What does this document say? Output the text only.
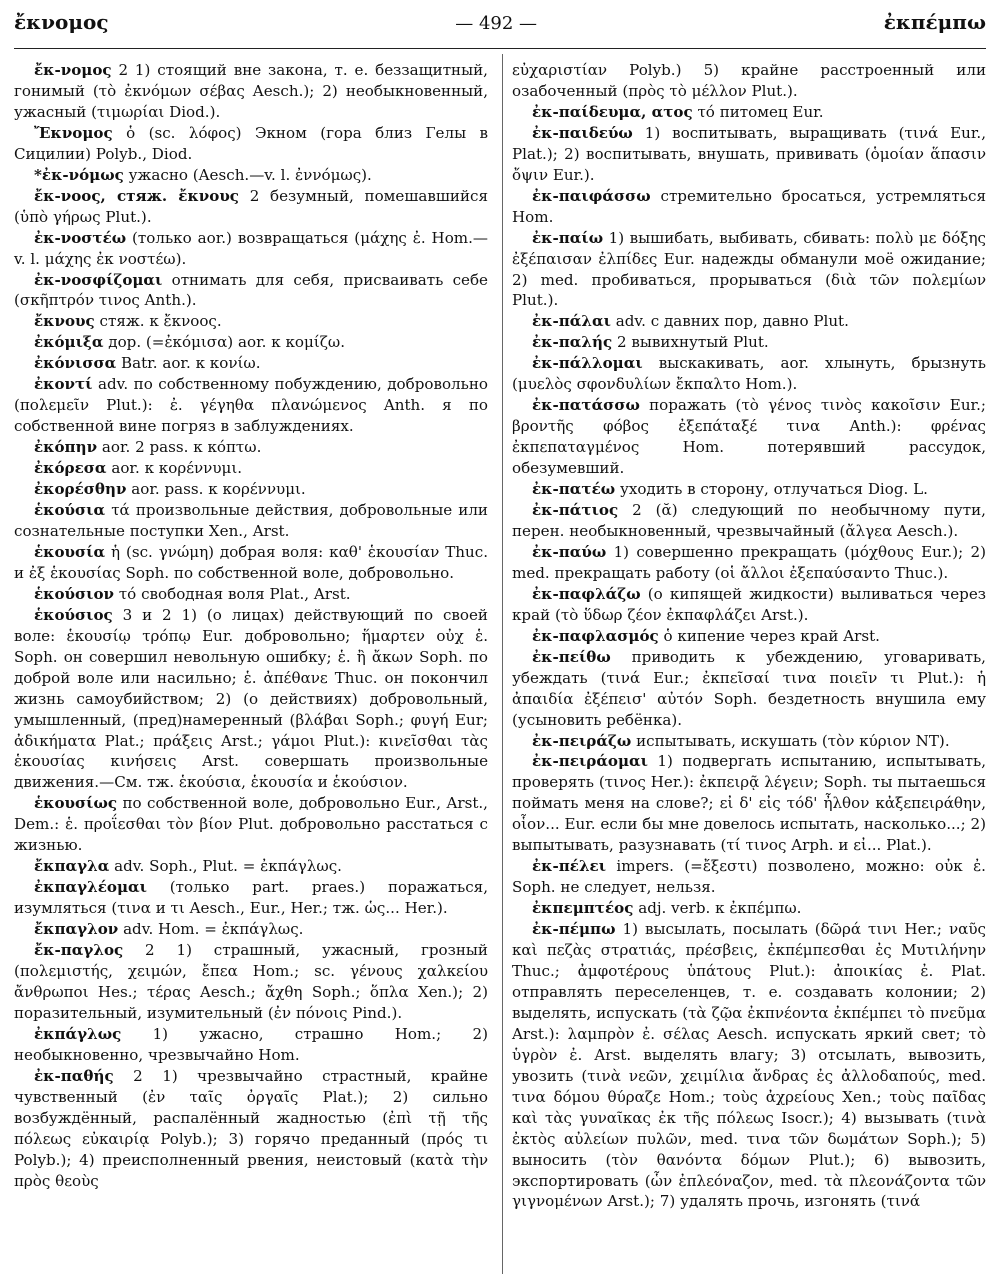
ἔκνομος	— 492 —	ἐκπέμπω

ἔκ-νομος 2 1) стоящий вне закона, т. е. беззащитный, гонимый (τὸ ἐκνόμων σέβας Aesch.); 2) необыкновенный, ужасный (τιμωρίαι Diod.).

Ἔκνομος ὁ (sc. λόφος) Экном (гора близ Гелы в Сицилии) Polyb., Diod.

*ἐκ-νόμως ужасно (Aesch.—v. l. ἐννόμως).

ἔκ-νοος, стяж. ἔκνους 2 безумный, помешавшийся (ὑπὸ γήρως Plut.).

ἐκ-νοστέω (только aor.) возвращаться (μάχης ἐ. Hom.—v. l. μάχης ἐκ νοστέω).

ἐκ-νοσφίζομαι отнимать для себя, присваивать себе (σκῆπτρόν τινος Anth.).

ἔκνους стяж. к ἔκνοος.

ἐκόμιξα дор. (=ἐκόμισα) aor. к κομίζω.

ἐκόνισσα Batr. aor. к κονίω.

ἐκοντί adv. по собственному побуждению, добровольно (πολεμεῖν Plut.): ἐ. γέγηθα πλανώμενος Anth. я по собственной вине погряз в заблуждениях.

ἐκόπην aor. 2 pass. к κόπτω.

ἐκόρεσα aor. к κορέννυμι.

ἐκορέσθην aor. pass. к κορέννυμι.

ἑκούσια τά произвольные действия, добровольные или сознательные поступки Xen., Arst.

ἑκουσία ἡ (sc. γνώμη) добрая воля: καθ' ἑκουσίαν Thuc. и ἐξ ἑκουσίας Soph. по собственной воле, добровольно.

ἑκούσιον τό свободная воля Plat., Arst.

ἑκούσιος 3 и 2 1) (о лицах) действующий по своей воле: ἑκουσίῳ τρόπῳ Eur. добровольно; ἥμαρτεν οὐχ ἑ. Soph. он совершил невольную ошибку; ἑ. ἢ ἄκων Soph. по доброй воле или насильно; ἑ. ἀπέθανε Thuc. он покончил жизнь самоубийством; 2) (о действиях) добровольный, умышленный, (пред)намеренный (βλάβαι Soph.; φυγή Eur; ἀδικήματα Plat.; πράξεις Arst.; γάμοι Plut.): κινεῖσθαι τὰς ἑκουσίας κινήσεις Arst. совершать произвольные движения.—См. тж. ἑκούσια, ἑκουσία и ἑκούσιον.

ἑκουσίως по собственной воле, добровольно Eur., Arst., Dem.: ἑ. προΐεσθαι τὸν βίον Plut. добровольно расстаться с жизнью.

ἔκπαγλα adv. Soph., Plut. = ἐκπάγλως.

ἐκπαγλέομαι (только part. praes.) поражаться, изумляться (τινα и τι Aesch., Eur., Her.; тж. ὡς... Her.).

ἔκπαγλον adv. Hom. = ἐκπάγλως.

ἔκ-παγλος 2 1) страшный, ужасный, грозный (πολεμιστής, χειμών, ἔπεα Hom.; sc. γένους χαλκείου ἄνθρωποι Hes.; τέρας Aesch.; ἄχθη Soph.; ὅπλα Xen.); 2) поразительный, изумительный (ἐν πόνοις Pind.).

ἐκπάγλως 1) ужасно, страшно Hom.; 2) необыкновенно, чрезвычайно Hom.

ἐκ-παθής 2 1) чрезвычайно страстный, крайне чувственный (ἐν ταῖς ὀργαῖς Plat.); 2) сильно возбуждённый, распалённый жадностью (ἐπὶ τῇ τῆς πόλεως εὐκαιρίᾳ Polyb.); 3) горячо преданный (πρός τι Polyb.); 4) преисполненный рвения, неистовый (κατὰ τὴν πρὸς θεοὺς

εὐχαριστίαν Polyb.) 5) крайне расстроенный или озабоченный (πρὸς τὸ μέλλον Plut.).

ἐκ-παίδευμα, ατος τό питомец Eur.

ἐκ-παιδεύω 1) воспитывать, выращивать (τινά Eur., Plat.); 2) воспитывать, внушать, прививать (ὁμοίαν ἅπασιν ὄψιν Eur.).

ἐκ-παιφάσσω стремительно бросаться, устремляться Hom.

ἐκ-παίω 1) вышибать, выбивать, сбивать: πολὺ με δόξης ἐξέπαισαν ἐλπίδες Eur. надежды обманули моё ожидание; 2) med. пробиваться, прорываться (διὰ τῶν πολεμίων Plut.).

ἐκ-πάλαι adv. с давних пор, давно Plut.

ἐκ-παλής 2 вывихнутый Plut.

ἐκ-πάλλομαι выскакивать, aor. хлынуть, брызнуть (μυελὸς σφονδυλίων ἔκπαλτο Hom.).

ἐκ-πατάσσω поражать (τὸ γένος τινὸς κακοῖσιν Eur.; βροντῆς φόβος ἐξεπάταξέ τινα Anth.): φρένας ἐκπεπαταγμένος Hom. потерявший рассудок, обезумевший.

ἐκ-πατέω уходить в сторону, отлучаться Diog. L.

ἐκ-πάτιος 2 (ᾰ) следующий по необычному пути, перен. необыкновенный, чрезвычайный (ἄλγεα Aesch.).

ἐκ-παύω 1) совершенно прекращать (μόχθους Eur.); 2) med. прекращать работу (οἱ ἄλλοι ἐξεπαύσαντο Thuc.).

ἐκ-παφλάζω (о кипящей жидкости) выливаться через край (τὸ ὕδωρ ζέον ἐκπαφλάζει Arst.).

ἐκ-παφλασμός ὁ кипение через край Arst.

ἐκ-πείθω приводить к убеждению, уговаривать, убеждать (τινά Eur.; ἐκπεῖσαί τινα ποιεῖν τι Plut.): ἡ ἀπαιδία ἐξέπεισ' αὐτόν Soph. бездетность внушила ему (усыновить ребёнка).

ἐκ-πειράζω испытывать, искушать (τὸν κύριον NT).

ἐκ-πειράομαι 1) подвергать испытанию, испытывать, проверять (τινος Her.): ἐκπειρᾷ λέγειν; Soph. ты пытаешься поймать меня на слове?; εἰ δ' εἰς τόδ' ἦλθον κἀξεπειράθην, οἷον... Eur. если бы мне довелось испытать, насколько...; 2) выпытывать, разузнавать (τί τινος Arph. и εἰ... Plat.).

ἐκ-πέλει impers. (=ἔξεστι) позволено, можно: οὐκ ἐ. Soph. не следует, нельзя.

ἐκπεμπτέος adj. verb. к ἐκπέμπω.

ἐκ-πέμπω 1) высылать, посылать (δῶρά τινι Her.; ναῦς καὶ πεζὰς στρατιάς, πρέσβεις, ἐκπέμπεσθαι ἐς Μυτιλήνην Thuc.; ἀμφοτέρους ὑπάτους Plut.): ἀποικίας ἐ. Plat. отправлять переселенцев, т. е. создавать колонии; 2) выделять, испускать (τὰ ζῷα ἐκπνέοντα ἐκπέμπει τὸ πνεῦμα Arst.): λαμπρὸν ἐ. σέλας Aesch. испускать яркий свет; τὸ ὑγρὸν ἐ. Arst. выделять влагу; 3) отсылать, вывозить, увозить (τινὰ νεῶν, χειμίλια ἄνδρας ἐς ἀλλοδαπούς, med. τινα δόμου θύραζε Hom.; τοὺς ἀχρείους Xen.; τοὺς παῖδας καὶ τὰς γυναῖκας ἐκ τῆς πόλεως Isocr.); 4) вызывать (τινὰ ἐκτὸς αὐλείων πυλῶν, med. τινα τῶν δωμάτων Soph.); 5) выносить (τὸν θανόντα δόμων Plut.); 6) вывозить, экспортировать (ὧν ἐπλεόναζον, med. τὰ πλεονάζοντα τῶν γιγνομένων Arst.); 7) удалять прочь, изгонять (τινά
